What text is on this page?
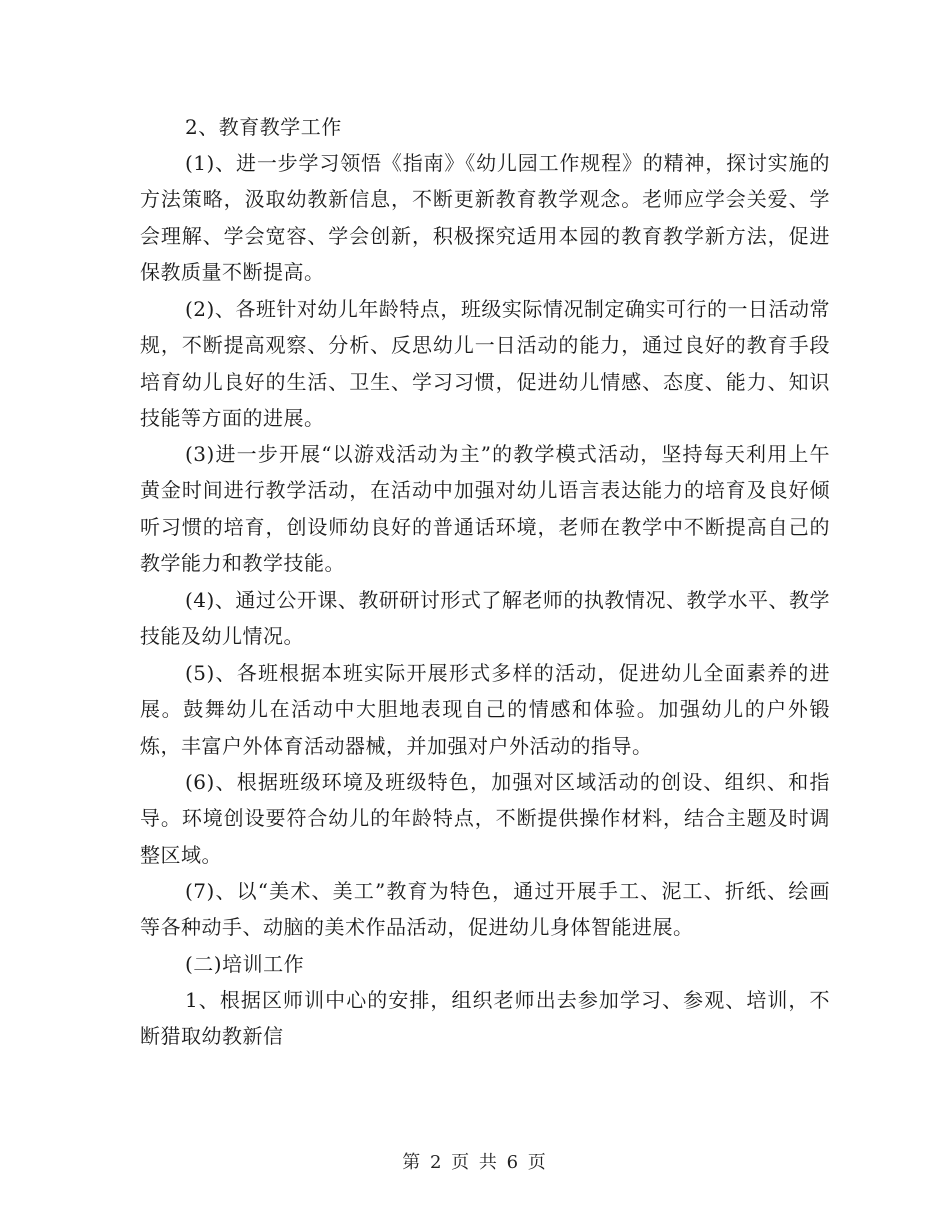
2、教育教学工作

(1)、进一步学习领悟《指南》《幼儿园工作规程》的精神，探讨实施的方法策略，汲取幼教新信息，不断更新教育教学观念。老师应学会关爱、学会理解、学会宽容、学会创新，积极探究适用本园的教育教学新方法，促进保教质量不断提高。

(2)、各班针对幼儿年龄特点，班级实际情况制定确实可行的一日活动常规，不断提高观察、分析、反思幼儿一日活动的能力，通过良好的教育手段培育幼儿良好的生活、卫生、学习习惯，促进幼儿情感、态度、能力、知识技能等方面的进展。

(3)进一步开展“以游戏活动为主”的教学模式活动，坚持每天利用上午黄金时间进行教学活动，在活动中加强对幼儿语言表达能力的培育及良好倾听习惯的培育，创设师幼良好的普通话环境，老师在教学中不断提高自己的教学能力和教学技能。

(4)、通过公开课、教研研讨形式了解老师的执教情况、教学水平、教学技能及幼儿情况。

(5)、各班根据本班实际开展形式多样的活动，促进幼儿全面素养的进展。鼓舞幼儿在活动中大胆地表现自己的情感和体验。加强幼儿的户外锻炼，丰富户外体育活动器械，并加强对户外活动的指导。

(6)、根据班级环境及班级特色，加强对区域活动的创设、组织、和指导。环境创设要符合幼儿的年龄特点，不断提供操作材料，结合主题及时调整区域。

(7)、以“美术、美工”教育为特色，通过开展手工、泥工、折纸、绘画等各种动手、动脑的美术作品活动，促进幼儿身体智能进展。

(二)培训工作

1、根据区师训中心的安排，组织老师出去参加学习、参观、培训，不断猎取幼教新信

第 2 页 共 6 页
